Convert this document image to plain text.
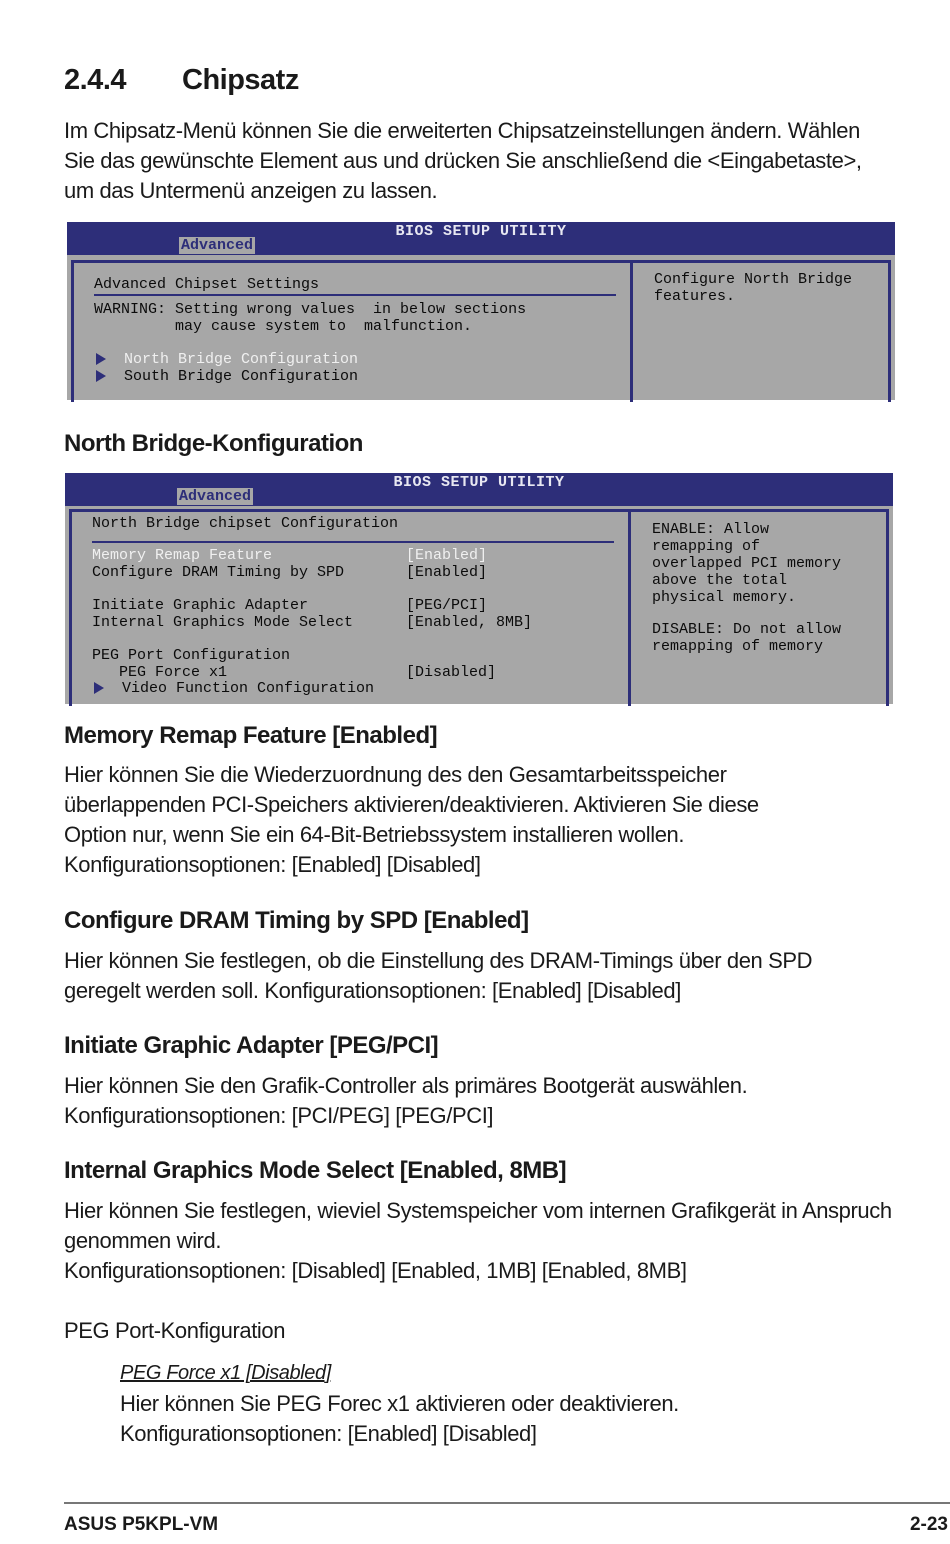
2.4.4 Chipsatz

Im Chipsatz-Menü können Sie die erweiterten Chipsatzeinstellungen ändern. Wählen Sie das gewünschte Element aus und drücken Sie anschließend die <Eingabetaste>, um das Untermenü anzeigen zu lassen.

BIOS SETUP UTILITY
Advanced
Advanced Chipset Settings
WARNING: Setting wrong values  in below sections
may cause system to  malfunction.
North Bridge Configuration
South Bridge Configuration
Configure North Bridge
features.
North Bridge-Konfiguration
BIOS SETUP UTILITY
Advanced
North Bridge chipset Configuration
Memory Remap Feature	[Enabled]
Configure DRAM Timing by SPD	[Enabled]
Initiate Graphic Adapter	[PEG/PCI]
Internal Graphics Mode Select	[Enabled, 8MB]
PEG Port Configuration
PEG Force x1	[Disabled]
Video Function Configuration
ENABLE: Allow
remapping of
overlapped PCI memory
above the total
physical memory.
DISABLE: Do not allow
remapping of memory
Memory Remap Feature [Enabled]

Hier können Sie die Wiederzuordnung des den Gesamtarbeitsspeicher überlappenden PCI-Speichers aktivieren/deaktivieren. Aktivieren Sie diese Option nur, wenn Sie ein 64-Bit-Betriebssystem installieren wollen. Konfigurationsoptionen: [Enabled] [Disabled]

Configure DRAM Timing by SPD [Enabled]

Hier können Sie festlegen, ob die Einstellung des DRAM-Timings über den SPD geregelt werden soll. Konfigurationsoptionen: [Enabled] [Disabled]

Initiate Graphic Adapter [PEG/PCI]

Hier können Sie den Grafik-Controller als primäres Bootgerät auswählen. Konfigurationsoptionen: [PCI/PEG] [PEG/PCI]

Internal Graphics Mode Select [Enabled, 8MB]

Hier können Sie festlegen, wieviel Systemspeicher vom internen Grafikgerät in Anspruch genommen wird.

Konfigurationsoptionen: [Disabled] [Enabled, 1MB] [Enabled, 8MB]

PEG Port-Konfiguration

PEG Force x1 [Disabled]

Hier können Sie PEG Forec x1 aktivieren oder deaktivieren.

Konfigurationsoptionen: [Enabled] [Disabled]

ASUS P5KPL-VM	2-23
